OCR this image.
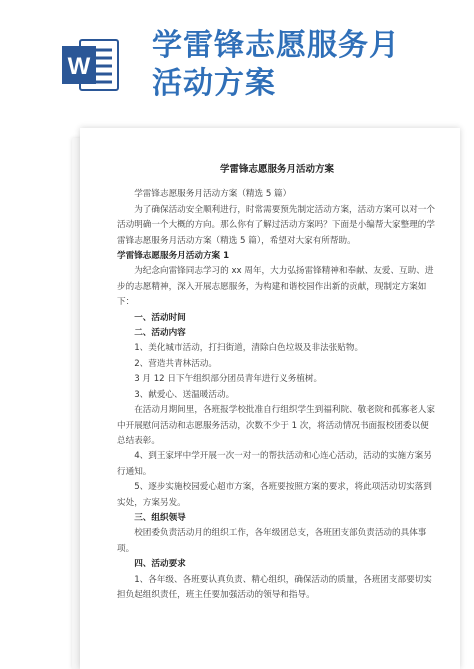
W
学雷锋志愿服务月
活动方案
学雷锋志愿服务月活动方案

学雷锋志愿服务月活动方案（精选 5 篇）

为了确保活动安全顺利进行，时常需要预先制定活动方案，活动方案可以对一个活动明确一个大概的方向。那么你有了解过活动方案吗？下面是小编帮大家整理的学雷锋志愿服务月活动方案（精选 5 篇），希望对大家有所帮助。

学雷锋志愿服务月活动方案 1

为纪念向雷锋同志学习的 xx 周年，大力弘扬雷锋精神和奉献、友爱、互助、进步的志愿精神，深入开展志愿服务，为构建和谐校园作出新的贡献，现制定方案如下：

一、活动时间

二、活动内容

1、美化城市活动，打扫街道，清除白色垃圾及非法张贴物。

2、营造共青林活动。

3 月 12 日下午组织部分团员青年进行义务植树。

3、献爱心、送温暖活动。

在活动月期间里，各班报学校批准自行组织学生到福利院、敬老院和孤寡老人家中开展慰问活动和志愿服务活动，次数不少于 1 次，将活动情况书面报校团委以便总结表彰。

4、到王家坪中学开展一次一对一的帮扶活动和心连心活动，活动的实施方案另行通知。

5、逐步实施校园爱心超市方案，各班要按照方案的要求，将此项活动切实落到实处，方案另发。

三、组织领导

校团委负责活动月的组织工作，各年级团总支，各班团支部负责活动的具体事项。

四、活动要求

1、各年级、各班要认真负责、精心组织，确保活动的质量，各班团支部要切实担负起组织责任，班主任要加强活动的领导和指导。
